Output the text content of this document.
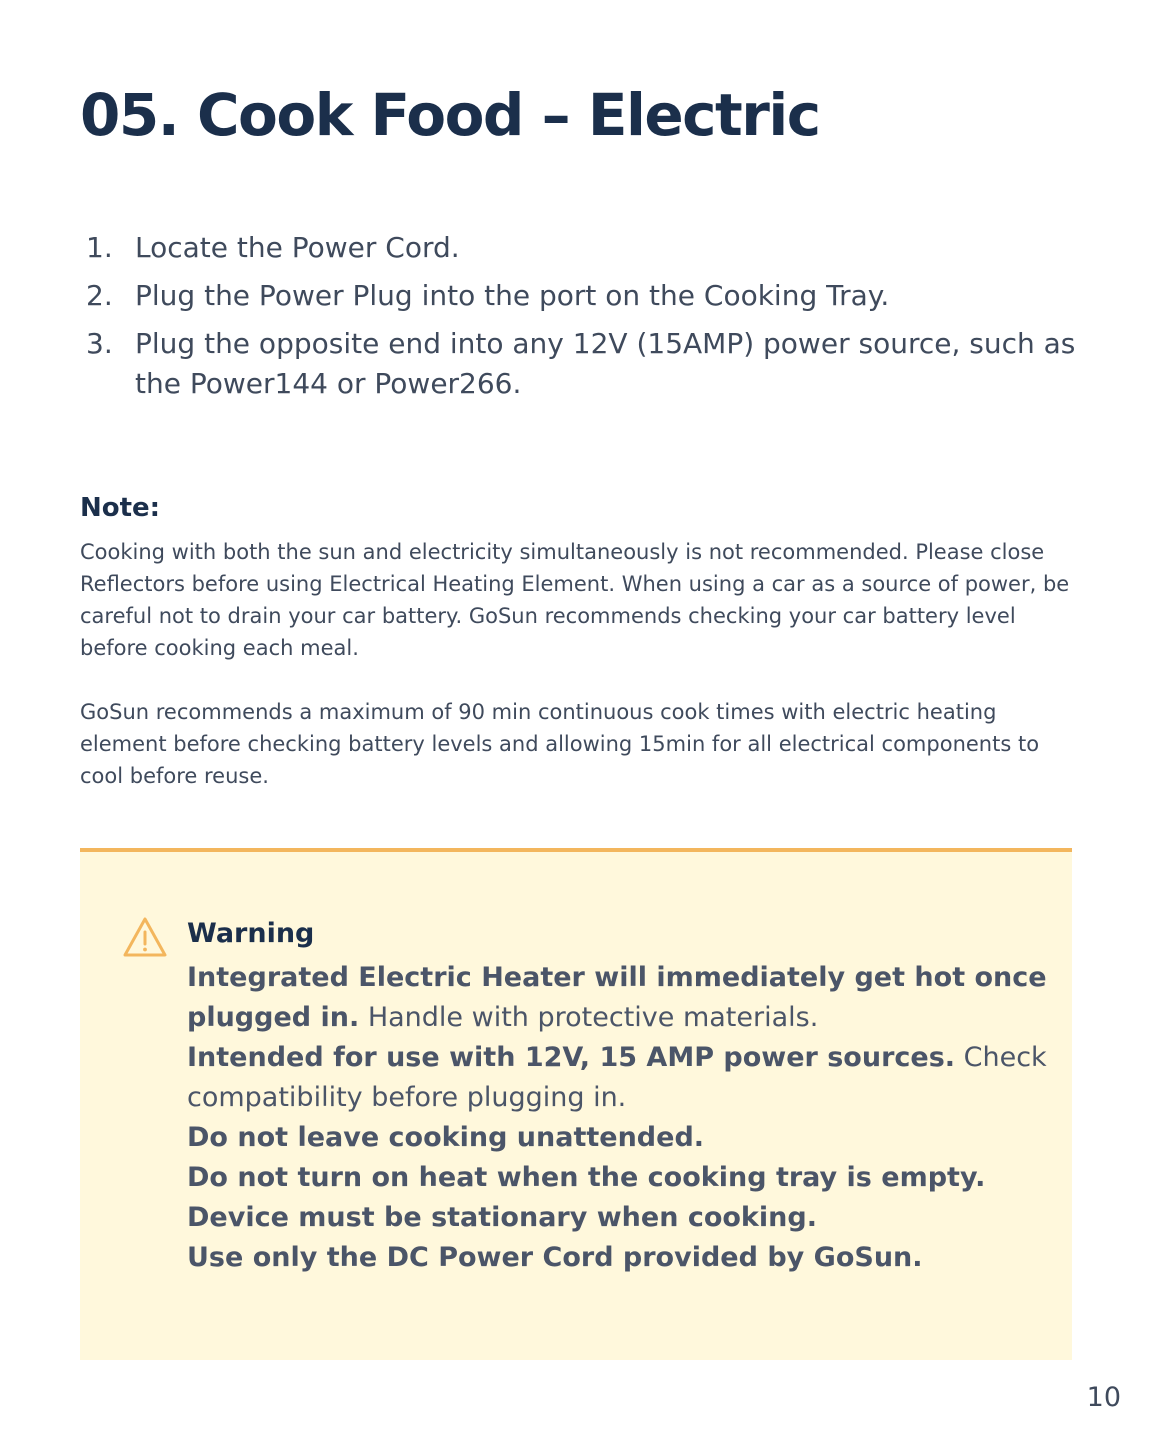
05. Cook Food – Electric
1. Locate the Power Cord.
2. Plug the Power Plug into the port on the Cooking Tray.
3. Plug the opposite end into any 12V (15AMP) power source, such as the Power144 or Power266.
Note:

Cooking with both the sun and electricity simultaneously is not recommended. Please close Reflectors before using Electrical Heating Element. When using a car as a source of power, be careful not to drain your car battery. GoSun recommends checking your car battery level before cooking each meal.

GoSun recommends a maximum of 90 min continuous cook times with electric heating element before checking battery levels and allowing 15min for all electrical components to cool before reuse.

Warning
Integrated Electric Heater will immediately get hot once plugged in. Handle with protective materials.
Intended for use with 12V, 15 AMP power sources. Check compatibility before plugging in.
Do not leave cooking unattended.
Do not turn on heat when the cooking tray is empty.
Device must be stationary when cooking.
Use only the DC Power Cord provided by GoSun.
10
